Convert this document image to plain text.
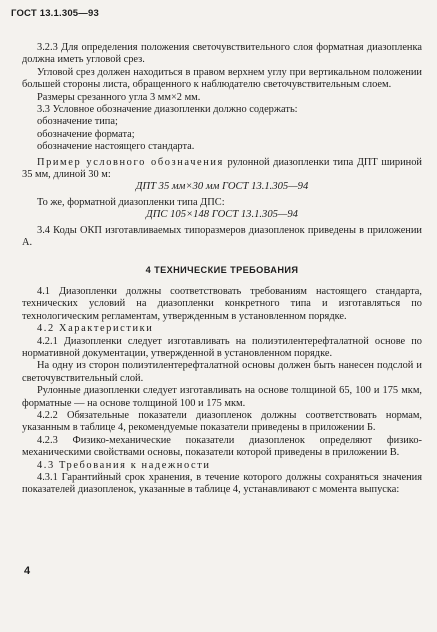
ГОСТ 13.1.305—93

3.2.3 Для определения положения светочувствительного слоя форматная диазопленка должна иметь угловой срез.

Угловой срез должен находиться в правом верхнем углу при вертикальном положении большей стороны листа, обращенного к наблюдателю светочувствительным слоем.

Размеры срезанного угла 3 мм×2 мм.

3.3 Условное обозначение диазопленки должно содержать:

обозначение типа;

обозначение формата;

обозначение настоящего стандарта.

Пример условного обозначения рулонной диазопленки типа ДПТ шириной 35 мм, длиной 30 м:

ДПТ 35 мм×30 мм ГОСТ 13.1.305—94

То же, форматной диазопленки типа ДПС:

ДПС 105×148 ГОСТ 13.1.305—94

3.4 Коды ОКП изготавливаемых типоразмеров диазопленок приведены в приложении А.

4 ТЕХНИЧЕСКИЕ ТРЕБОВАНИЯ

4.1 Диазопленки должны соответствовать требованиям настоящего стандарта, технических условий на диазопленки конкретного типа и изготавляться по технологическим регламентам, утвержденным в установленном порядке.

4.2 Характеристики

4.2.1 Диазопленки следует изготавливать на полиэтилентерефталатной основе по нормативной документации, утвержденной в установленном порядке.

На одну из сторон полиэтилентерефталатной основы должен быть нанесен подслой и светочувствительный слой.

Рулонные диазопленки следует изготавливать на основе толщиной 65, 100 и 175 мкм, форматные — на основе толщиной 100 и 175 мкм.

4.2.2 Обязательные показатели диазопленок должны соответствовать нормам, указанным в таблице 4, рекомендуемые показатели приведены в приложении Б.

4.2.3 Физико-механические показатели диазопленок определяют физико-механическими свойствами основы, показатели которой приведены в приложении В.

4.3 Требования к надежности

4.3.1 Гарантийный срок хранения, в течение которого должны сохраняться значения показателей диазопленок, указанные в таблице 4, устанавливают с момента выпуска:

4
